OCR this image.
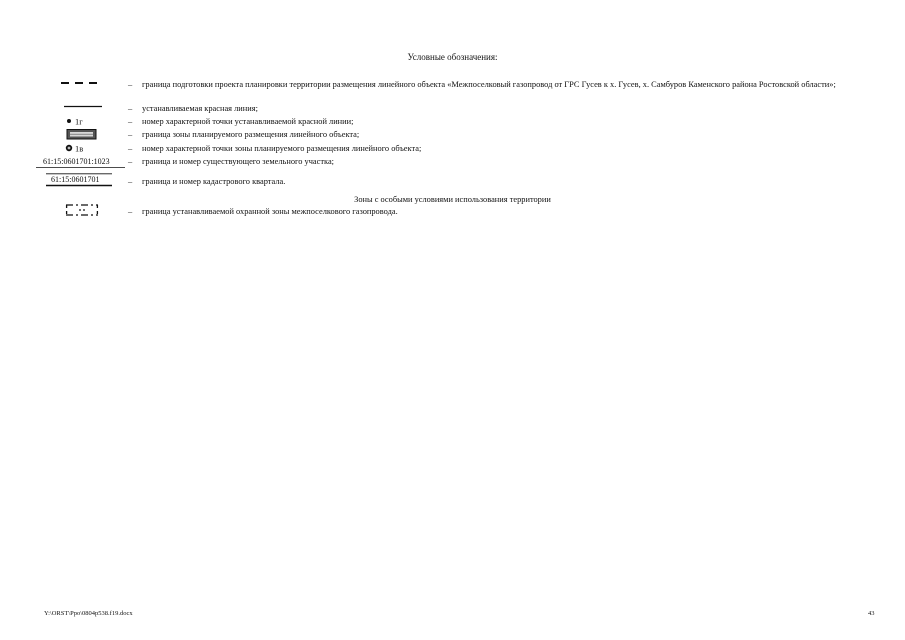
Условные обозначения:
–	граница подготовки проекта планировки территории размещения линейного объекта «Межпоселковый газопровод от ГРС Гусев к х. Гусев, х. Самбуров Каменского района Ростовской области»;
–	устанавливаемая красная линия;
1г	–	номер характерной точки устанавливаемой красной линии;
–	граница зоны планируемого размещения линейного объекта;
1в	–	номер характерной точки зоны планируемого размещения линейного объекта;
61:15:0601701:1023 –	граница и номер существующего земельного участка;
61:15:0601701	–	граница и номер кадастрового квартала.
–	граница устанавливаемой охранной зоны межпоселкового газопровода.
Зоны с особыми условиями использования территории
Y:\ORST\Ppo\0804p538.f19.docx	43
